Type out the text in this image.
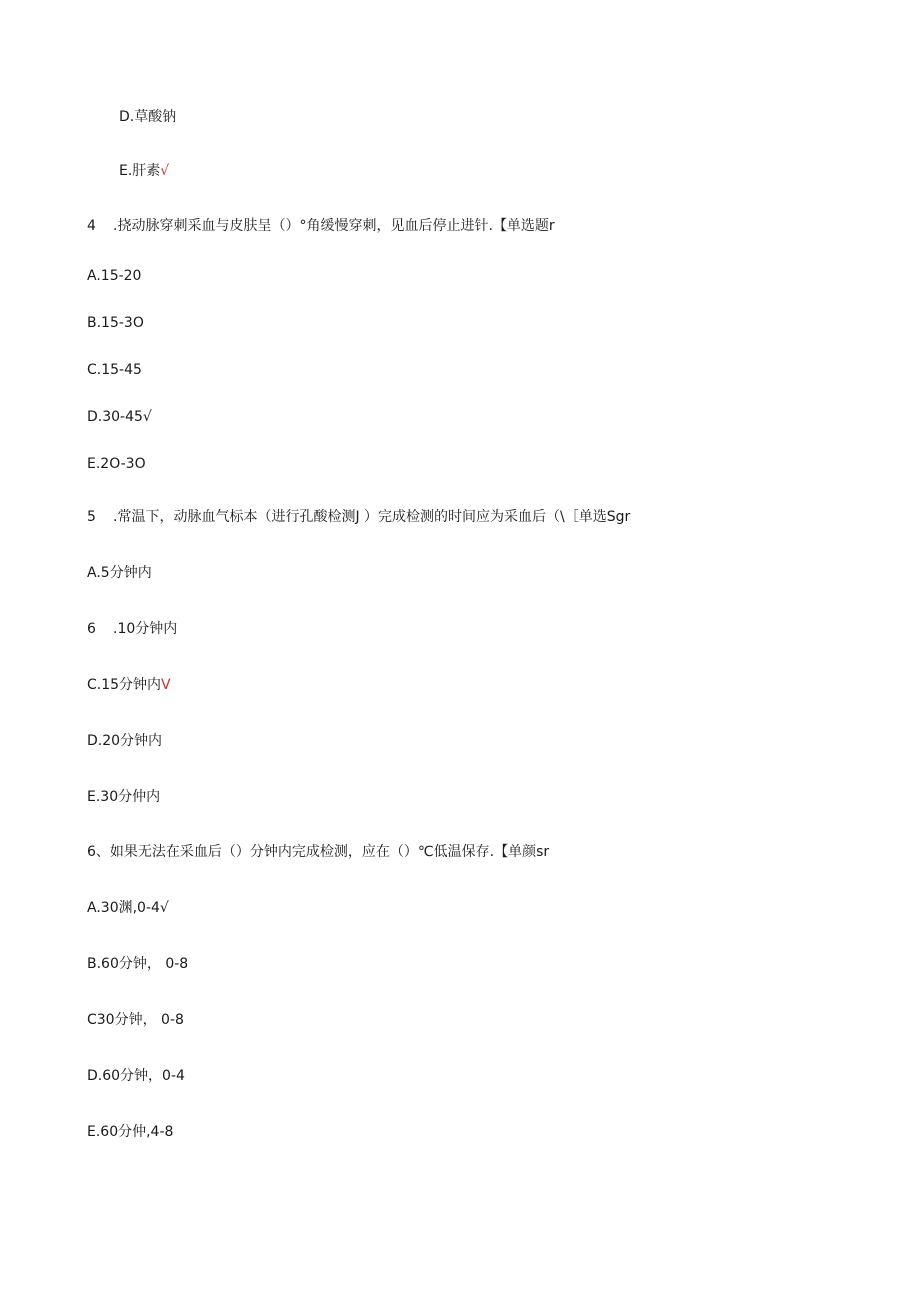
D.草酸钠
E.肝素√
4 .挠动脉穿刺采血与皮肤呈（）°角缓慢穿刺，见血后停止进针.【单选题r
A.15-20
B.15-3O
C.15-45
D.30-45√
E.2O-3O
5 .常温下，动脉血气标本（进行孔酸检测J ）完成检测的时间应为采血后（\［单选Sgr
A.5分钟内
6 .10分钟内
C.15分钟内V
D.20分钟内
E.30分仲内
6、如果无法在采血后（）分钟内完成检测，应在（）℃低温保存.【单颜sr
A.30渊,0-4√
B.60分钟， 0-8
C30分钟， 0-8
D.60分钟，0-4
E.60分仲,4-8
